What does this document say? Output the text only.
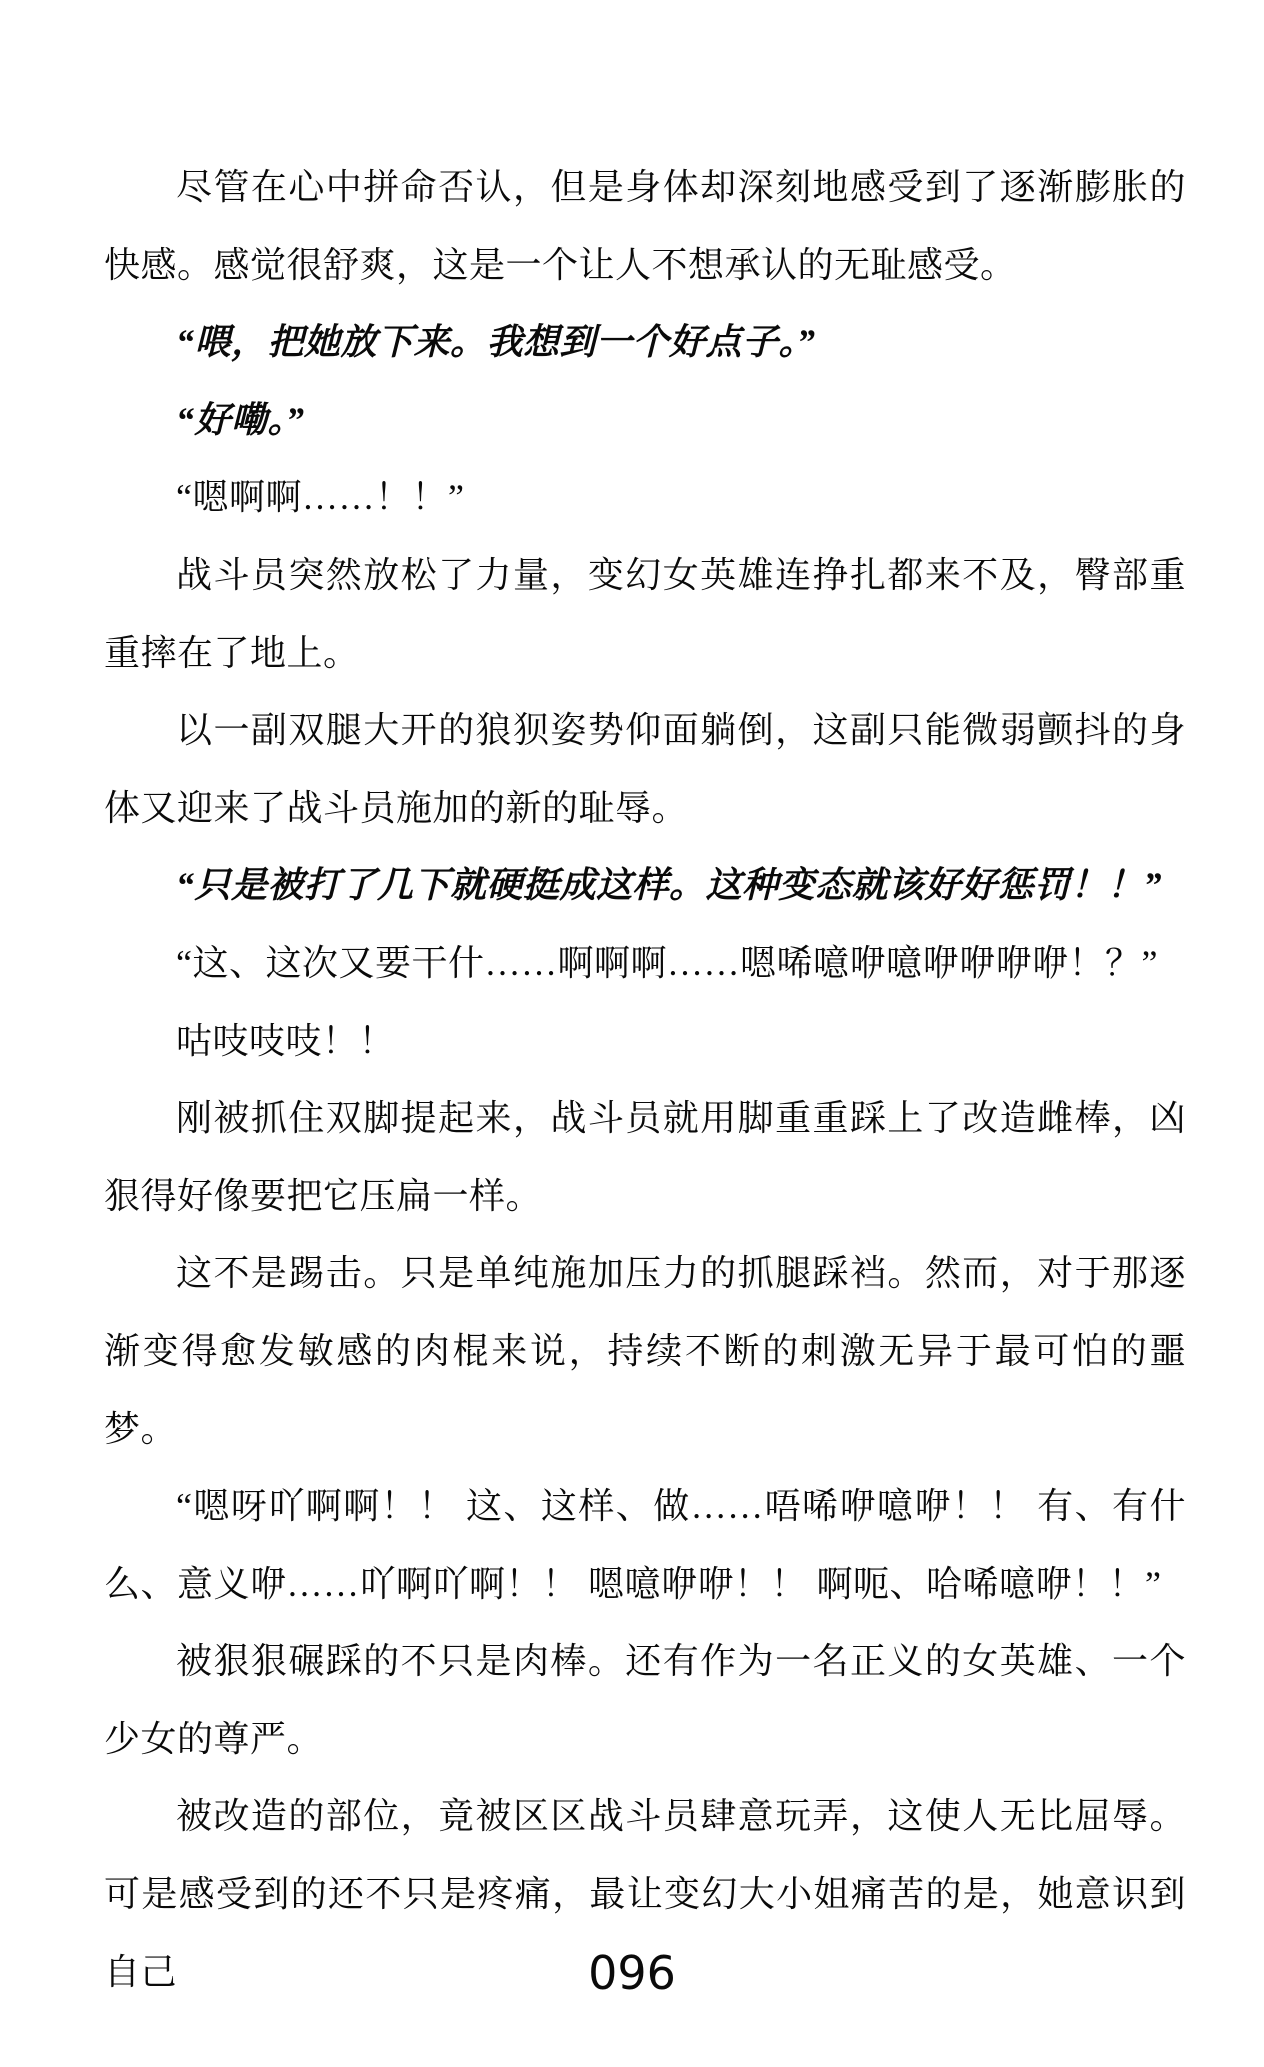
尽管在心中拼命否认，但是身体却深刻地感受到了逐渐膨胀的快感。感觉很舒爽，这是一个让人不想承认的无耻感受。

“喂，把她放下来。我想到一个好点子。”

“好嘞。”

“嗯啊啊……！！”

战斗员突然放松了力量，变幻女英雄连挣扎都来不及，臀部重重摔在了地上。

以一副双腿大开的狼狈姿势仰面躺倒，这副只能微弱颤抖的身体又迎来了战斗员施加的新的耻辱。

“只是被打了几下就硬挺成这样。这种变态就该好好惩罚！！”

“这、这次又要干什……啊啊啊……嗯唏噫咿噫咿咿咿咿！？”

咕吱吱吱！！

刚被抓住双脚提起来，战斗员就用脚重重踩上了改造雌棒，凶狠得好像要把它压扁一样。

这不是踢击。只是单纯施加压力的抓腿踩裆。然而，对于那逐渐变得愈发敏感的肉棍来说，持续不断的刺激无异于最可怕的噩梦。

“嗯呀吖啊啊！！ 这、这样、做……唔唏咿噫咿！！ 有、有什么、意义咿……吖啊吖啊！！ 嗯噫咿咿！！ 啊呃、哈唏噫咿！！”

被狠狠碾踩的不只是肉棒。还有作为一名正义的女英雄、一个少女的尊严。

被改造的部位，竟被区区战斗员肆意玩弄，这使人无比屈辱。可是感受到的还不只是疼痛，最让变幻大小姐痛苦的是，她意识到自己	096
